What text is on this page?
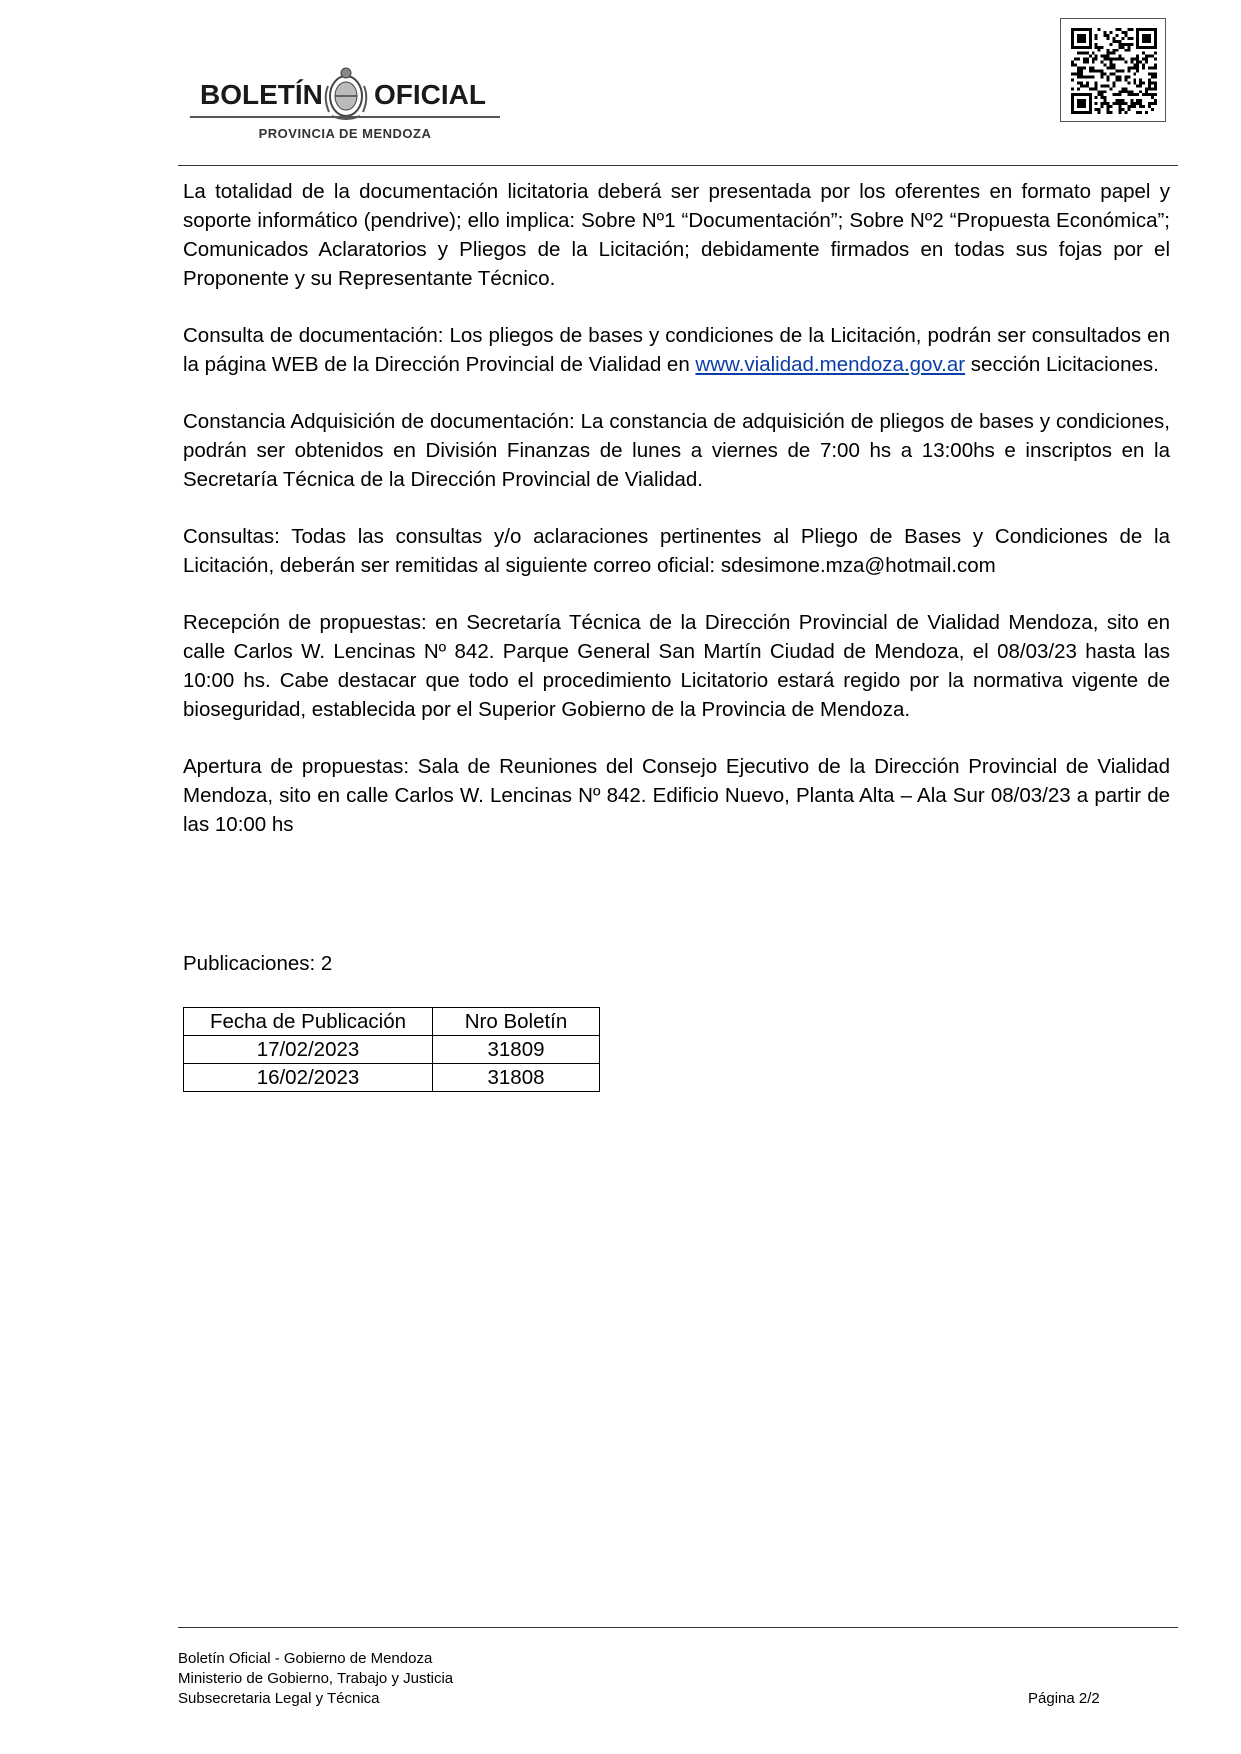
BOLETÍN OFICIAL
PROVINCIA DE MENDOZA

La totalidad de la documentación licitatoria deberá ser presentada por los oferentes en formato papel y soporte informático (pendrive); ello implica: Sobre Nº1 “Documentación”; Sobre Nº2 “Propuesta Económica”; Comunicados Aclaratorios y Pliegos de la Licitación; debidamente firmados en todas sus fojas por el Proponente y su Representante Técnico.

Consulta de documentación: Los pliegos de bases y condiciones de la Licitación, podrán ser consultados en la página WEB de la Dirección Provincial de Vialidad en www.vialidad.mendoza.gov.ar sección Licitaciones.

Constancia Adquisición de documentación: La constancia de adquisición de pliegos de bases y condiciones, podrán ser obtenidos en División Finanzas de lunes a viernes de 7:00 hs a 13:00hs e inscriptos en la Secretaría Técnica de la Dirección Provincial de Vialidad.

Consultas: Todas las consultas y/o aclaraciones pertinentes al Pliego de Bases y Condiciones de la Licitación, deberán ser remitidas al siguiente correo oficial: sdesimone.mza@hotmail.com

Recepción de propuestas: en Secretaría Técnica de la Dirección Provincial de Vialidad Mendoza, sito en calle Carlos W. Lencinas Nº 842. Parque General San Martín Ciudad de Mendoza, el 08/03/23 hasta las 10:00 hs. Cabe destacar que todo el procedimiento Licitatorio estará regido por la normativa vigente de bioseguridad, establecida por el Superior Gobierno de la Provincia de Mendoza.

Apertura de propuestas: Sala de Reuniones del Consejo Ejecutivo de la Dirección Provincial de Vialidad Mendoza, sito en calle Carlos W. Lencinas Nº 842. Edificio Nuevo, Planta Alta – Ala Sur 08/03/23 a partir de las 10:00 hs

Publicaciones: 2
Fecha de Publicación	Nro Boletín
17/02/2023	31809
16/02/2023	31808
Boletín Oficial - Gobierno de Mendoza
Ministerio de Gobierno, Trabajo y Justicia
Subsecretaria Legal y Técnica	Página 2/2
